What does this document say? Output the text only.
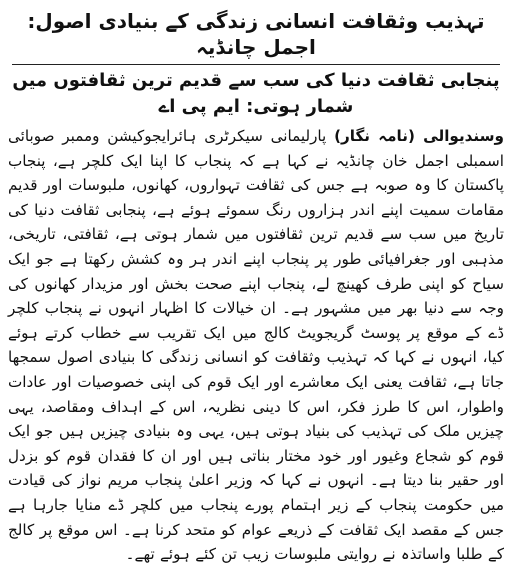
تہذیب وثقافت انسانی زندگی کے بنیادی اصول: اجمل چانڈیہ

پنجابی ثقافت دنیا کی سب سے قدیم ترین ثقافتوں میں شمار ہوتی: ایم پی اے

وسندیوالی (نامہ نگار) پارلیمانی سیکرٹری ہائرایجوکیشن وممبر صوبائی اسمبلی اجمل خان چانڈیہ نے کہا ہے کہ پنجاب کا اپنا ایک کلچر ہے، پنجاب پاکستان کا وہ صوبہ ہے جس کی ثقافت تہواروں، کھانوں، ملبوسات اور قدیم مقامات سمیت اپنے اندر ہزاروں رنگ سموئے ہوئے ہے، پنجابی ثقافت دنیا کی تاریخ میں سب سے قدیم ترین ثقافتوں میں شمار ہوتی ہے، ثقافتی، تاریخی، مذہبی اور جغرافیائی طور پر پنجاب اپنے اندر ہر وہ کشش رکھتا ہے جو ایک سیاح کو اپنی طرف کھینچ لے، پنجاب اپنے صحت بخش اور مزیدار کھانوں کی وجہ سے دنیا بھر میں مشہور ہے۔ ان خیالات کا اظہار انہوں نے پنجاب کلچر ڈے کے موقع پر پوسٹ گریجویٹ کالج میں ایک تقریب سے خطاب کرتے ہوئے کیا، انہوں نے کہا کہ تہذیب وثقافت کو انسانی زندگی کا بنیادی اصول سمجھا جاتا ہے، ثقافت یعنی ایک معاشرے اور ایک قوم کی اپنی خصوصیات اور عادات واطوار، اس کا طرز فکر، اس کا دینی نظریہ، اس کے اہداف ومقاصد، یہی چیزیں ملک کی تہذیب کی بنیاد ہوتی ہیں، یہی وہ بنیادی چیزیں ہیں جو ایک قوم کو شجاع وغیور اور خود مختار بناتی ہیں اور ان کا فقدان قوم کو بزدل اور حقیر بنا دیتا ہے۔ انہوں نے کہا کہ وزیر اعلیٰ پنجاب مریم نواز کی قیادت میں حکومت پنجاب کے زیر اہتمام پورے پنجاب میں کلچر ڈے منایا جارہا ہے جس کے مقصد ایک ثقافت کے ذریعے عوام کو متحد کرنا ہے۔ اس موقع پر کالج کے طلبا واساتذہ نے روایتی ملبوسات زیب تن کئے ہوئے تھے۔
